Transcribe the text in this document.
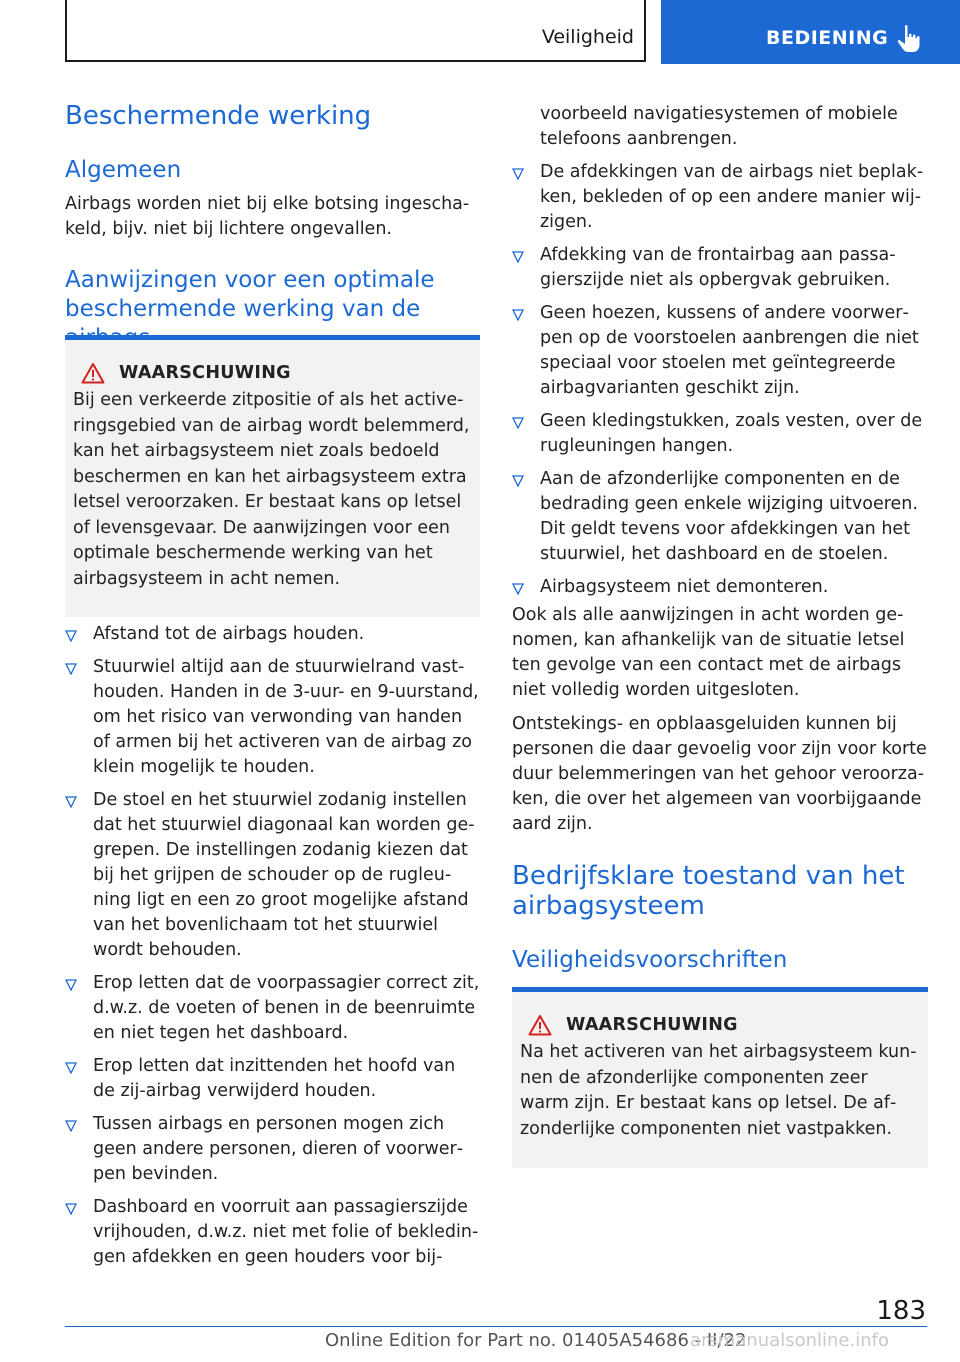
Veiligheid	BEDIENING
Beschermende werking
Algemeen

Airbags worden niet bij elke botsing ingeschakeld, bijv. niet bij lichtere ongevallen.

Aanwijzingen voor een optimale beschermende werking van de
WAARSCHUWING

Bij een verkeerde zitpositie of als het activeringsgebied van de airbag wordt belemmerd, kan het airbagsysteem niet zoals bedoeld beschermen en kan het airbagsysteem extra letsel veroorzaken. Er bestaat kans op letsel of levensgevaar. De aanwijzingen voor een optimale beschermende werking van het airbagsysteem in acht nemen.

Afstand tot de airbags houden.
Stuurwiel altijd aan de stuurwielrand vasthouden. Handen in de 3-uur- en 9-uurstand, om het risico van verwonding van handen of armen bij het activeren van de airbag zo klein mogelijk te houden.
De stoel en het stuurwiel zodanig instellen dat het stuurwiel diagonaal kan worden gegrepen. De instellingen zodanig kiezen dat bij het grijpen de schouder op de rugleuning ligt en een zo groot mogelijke afstand van het bovenlichaam tot het stuurwiel wordt behouden.
Erop letten dat de voorpassagier correct zit, d.w.z. de voeten of benen in de beenruimte en niet tegen het dashboard.
Erop letten dat inzittenden het hoofd van de zij-airbag verwijderd houden.
Tussen airbags en personen mogen zich geen andere personen, dieren of voorwerpen bevinden.
Dashboard en voorruit aan passagierszijde vrijhouden, d.w.z. niet met folie of bekledingen afdekken en geen houders voor bij-

voorbeeld navigatiesystemen of mobiele telefoons aanbrengen.

De afdekkingen van de airbags niet beplakken, bekleden of op een andere manier wijzigen.
Afdekking van de frontairbag aan passagierszijde niet als opbergvak gebruiken.
Geen hoezen, kussens of andere voorwerpen op de voorstoelen aanbrengen die niet speciaal voor stoelen met geïntegreerde airbagvarianten geschikt zijn.
Geen kledingstukken, zoals vesten, over de rugleuningen hangen.
Aan de afzonderlijke componenten en de bedrading geen enkele wijziging uitvoeren. Dit geldt tevens voor afdekkingen van het stuurwiel, het dashboard en de stoelen.
Airbagsysteem niet demonteren.

Ook als alle aanwijzingen in acht worden genomen, kan afhankelijk van de situatie letsel ten gevolge van een contact met de airbags niet volledig worden uitgesloten.

Ontstekings- en opblaasgeluiden kunnen bij personen die daar gevoelig voor zijn voor korte duur belemmeringen van het gehoor veroorzaken, die over het algemeen van voorbijgaande aard zijn.

Bedrijfsklare toestand van het airbagsysteem
Veiligheidsvoorschriften
WAARSCHUWING

Na het activeren van het airbagsysteem kunnen de afzonderlijke componenten zeer warm zijn. Er bestaat kans op letsel. De afzonderlijke componenten niet vastpakken.

183
Online Edition for Part no. 01405A54686 - II/22
arsmanualsonline.info
